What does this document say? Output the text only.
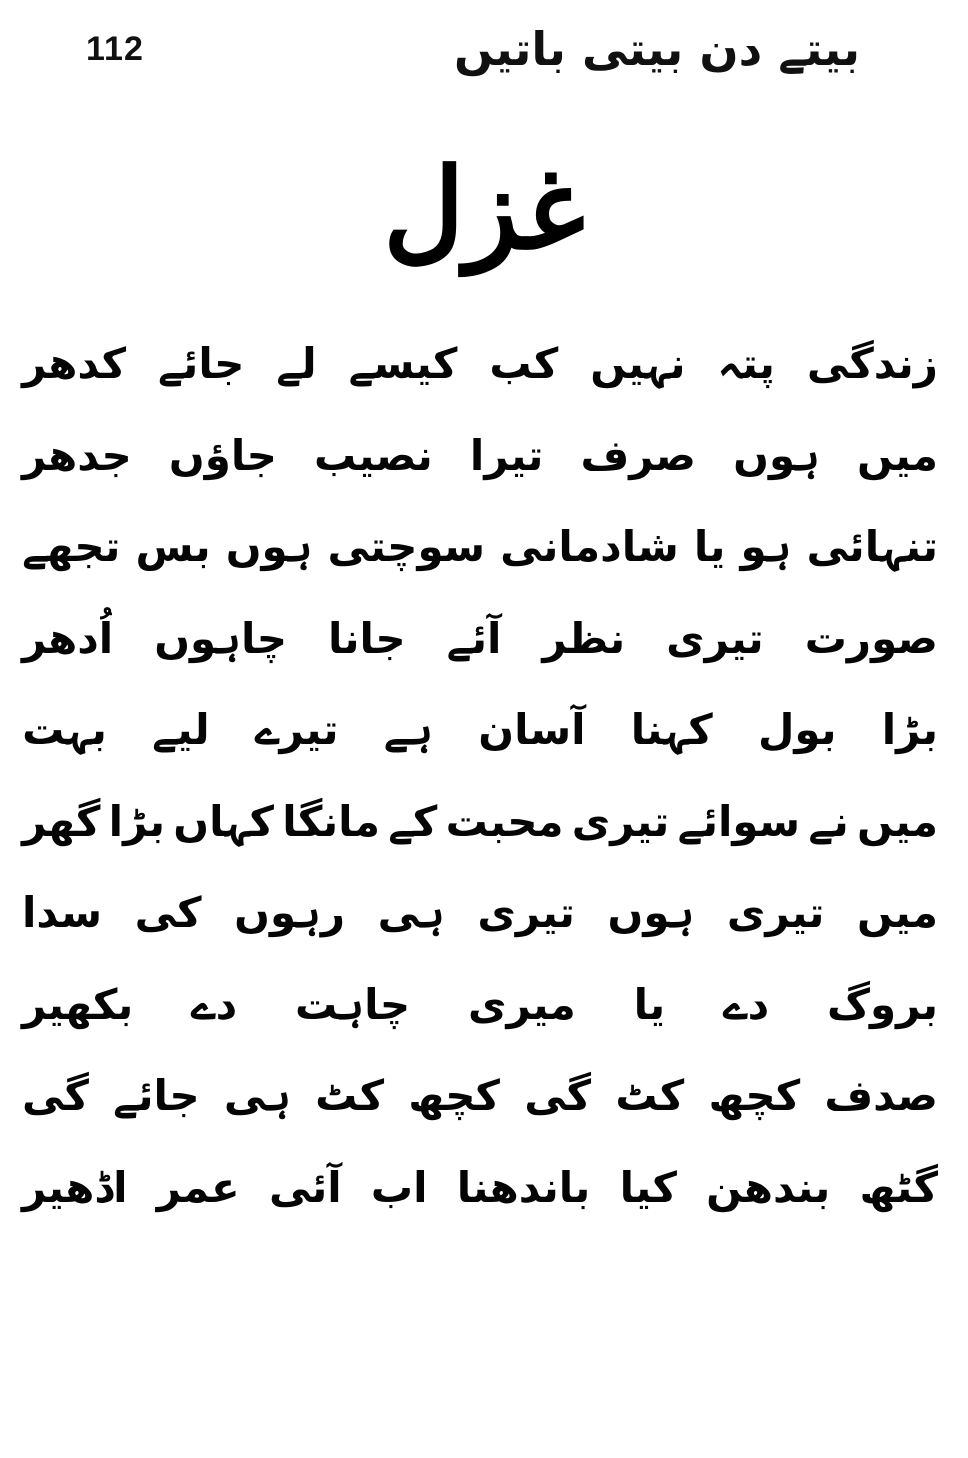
112	بیتے دن بیتی باتیں
غزل
زندگی
پتہ
نہیں
کب
کیسے
لے
جائے
کدھر
میں
ہوں
صرف
تیرا
نصیب
جاؤں
جدھر
تنہائی
ہو
یا
شادمانی
سوچتی
ہوں
بس
تجھے
صورت
تیری
نظر
آئے
جانا
چاہوں
اُدھر
بڑا
بول
کہنا
آسان
ہے
تیرے
لیے
بہت
میں
نے
سوائے
تیری
محبت
کے
مانگا
کہاں
بڑا
گھر
میں
تیری
ہوں
تیری
ہی
رہوں
کی
سدا
بروگ
دے
یا
میری
چاہت
دے
بکھیر
صدف
کچھ
کٹ
گی
کچھ
کٹ
ہی
جائے
گی
گٹھ
بندھن
کیا
باندھنا
اب
آئی
عمر
اڈھیر
